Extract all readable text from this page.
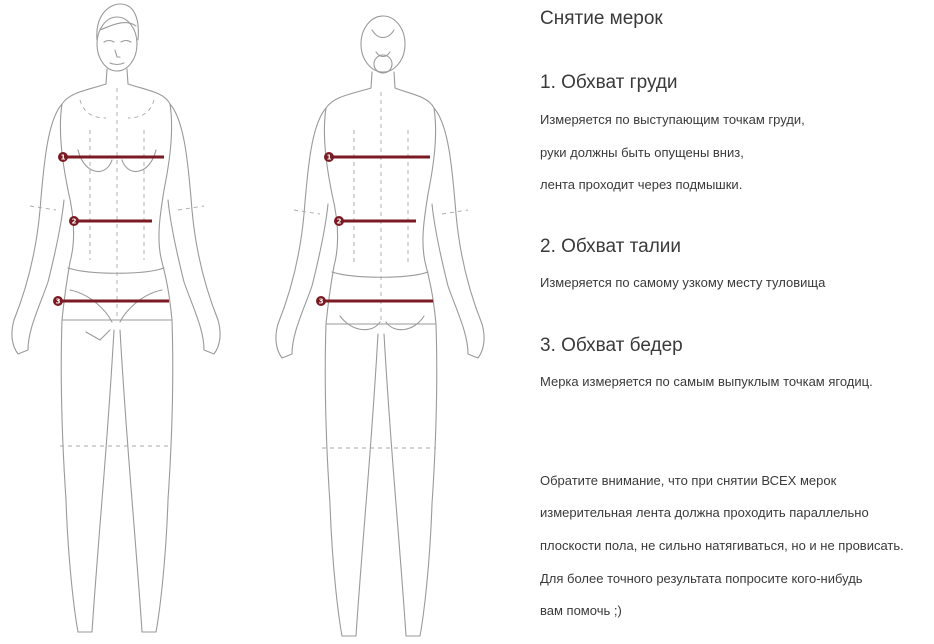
1
2
3
1
2
3
Снятие мерок
1. Обхват груди
Измеряется по выступающим точкам груди,
руки должны быть опущены вниз,
лента проходит через подмышки.
2. Обхват талии
Измеряется по самому узкому месту туловища
3. Обхват бедер
Мерка измеряется по самым выпуклым точкам ягодиц.
Обратите внимание, что при снятии ВСЕХ мерок
измерительная лента должна проходить параллельно
плоскости пола, не сильно натягиваться, но и не провисать.
Для более точного результата попросите кого-нибудь
вам помочь ;)
